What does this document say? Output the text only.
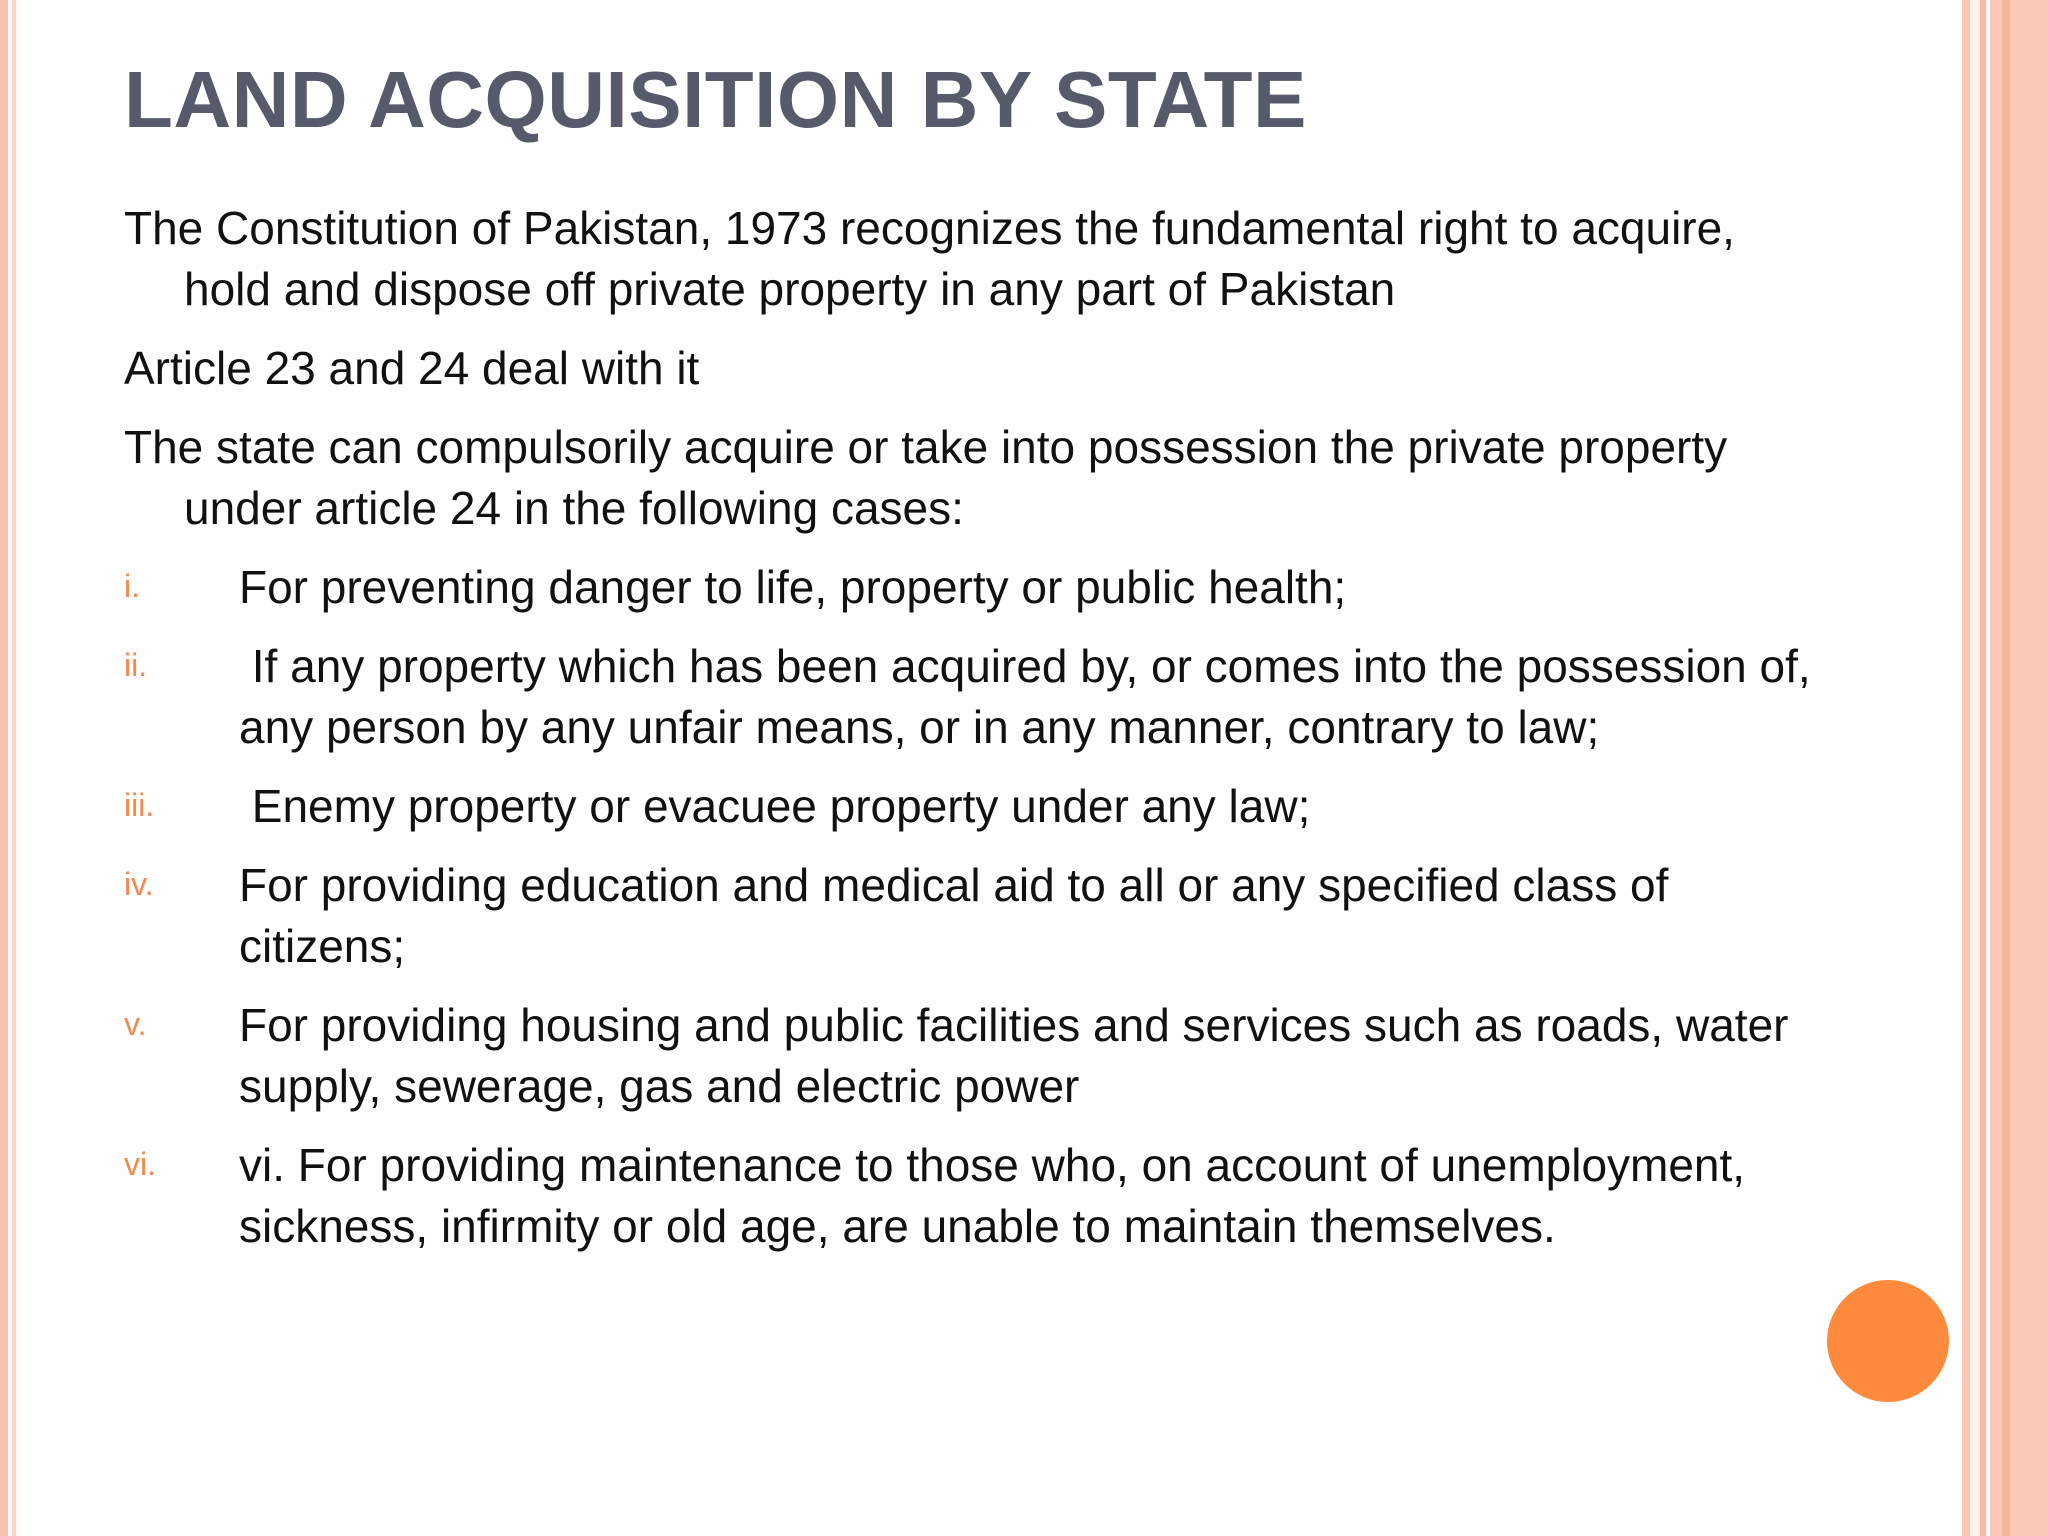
LAND ACQUISITION BY STATE

The Constitution of Pakistan, 1973 recognizes the fundamental right to acquire, hold and dispose off private property in any part of Pakistan

Article 23 and 24 deal with it

The state can compulsorily acquire or take into possession the private property under article 24 in the following cases:

i. For preventing danger to life, property or public health;
ii. If any property which has been acquired by, or comes into the possession of, any person by any unfair means, or in any manner, contrary to law;
iii. Enemy property or evacuee property under any law;
iv. For providing education and medical aid to all or any specified class of citizens;
v. For providing housing and public facilities and services such as roads, water supply, sewerage, gas and electric power
vi. vi. For providing maintenance to those who, on account of unemployment, sickness, infirmity or old age, are unable to maintain themselves.
